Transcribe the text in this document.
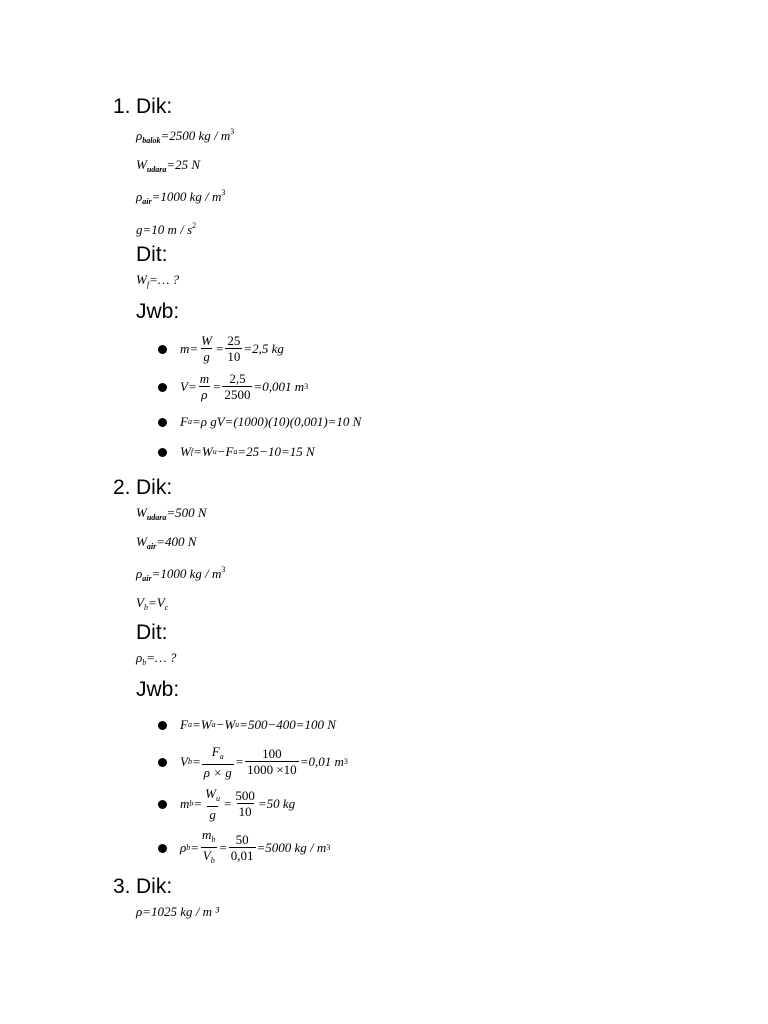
1. Dik:
$\rho_{balok}=2500$ kg / $m^3$
$W_{udara}=25$ N
$\rho_{air}=1000$ kg / $m^3$
g=10 m / $s^2$
Dit:
$W_f=\dots$ ?
Jwb:
$m= \frac{W}{g} = \frac{25}{10} =2,5$ kg
$V= \frac{m}{\rho} = \frac{2,5}{2500} =0,001$ m 3
F a =ρ gV=(1000)(10)(0,001)=10 N
W f =W u −F a =25−10=15 N
2. Dik:
$W_{udara}=500$ N
$W_{air}=400$ N
$\rho_{air}=1000$ kg / $m^3$
$V_b=V_c$
Dit:
$\rho_b=\dots$ ?
Jwb:
F a =W a −W u =500−400=100 N
V $b = \frac{F_a}{\rho \times g} = \frac{100}{1000 \times 10} =0,01$ m 3
m $b = \frac{W_u}{g} = \frac{500}{10} =50$ kg
ρ $b = \frac{m_b}{V_b} = \frac{50}{0,01} =5000$ kg / m 3
3. Dik:
ρ=1025 kg / m ³
